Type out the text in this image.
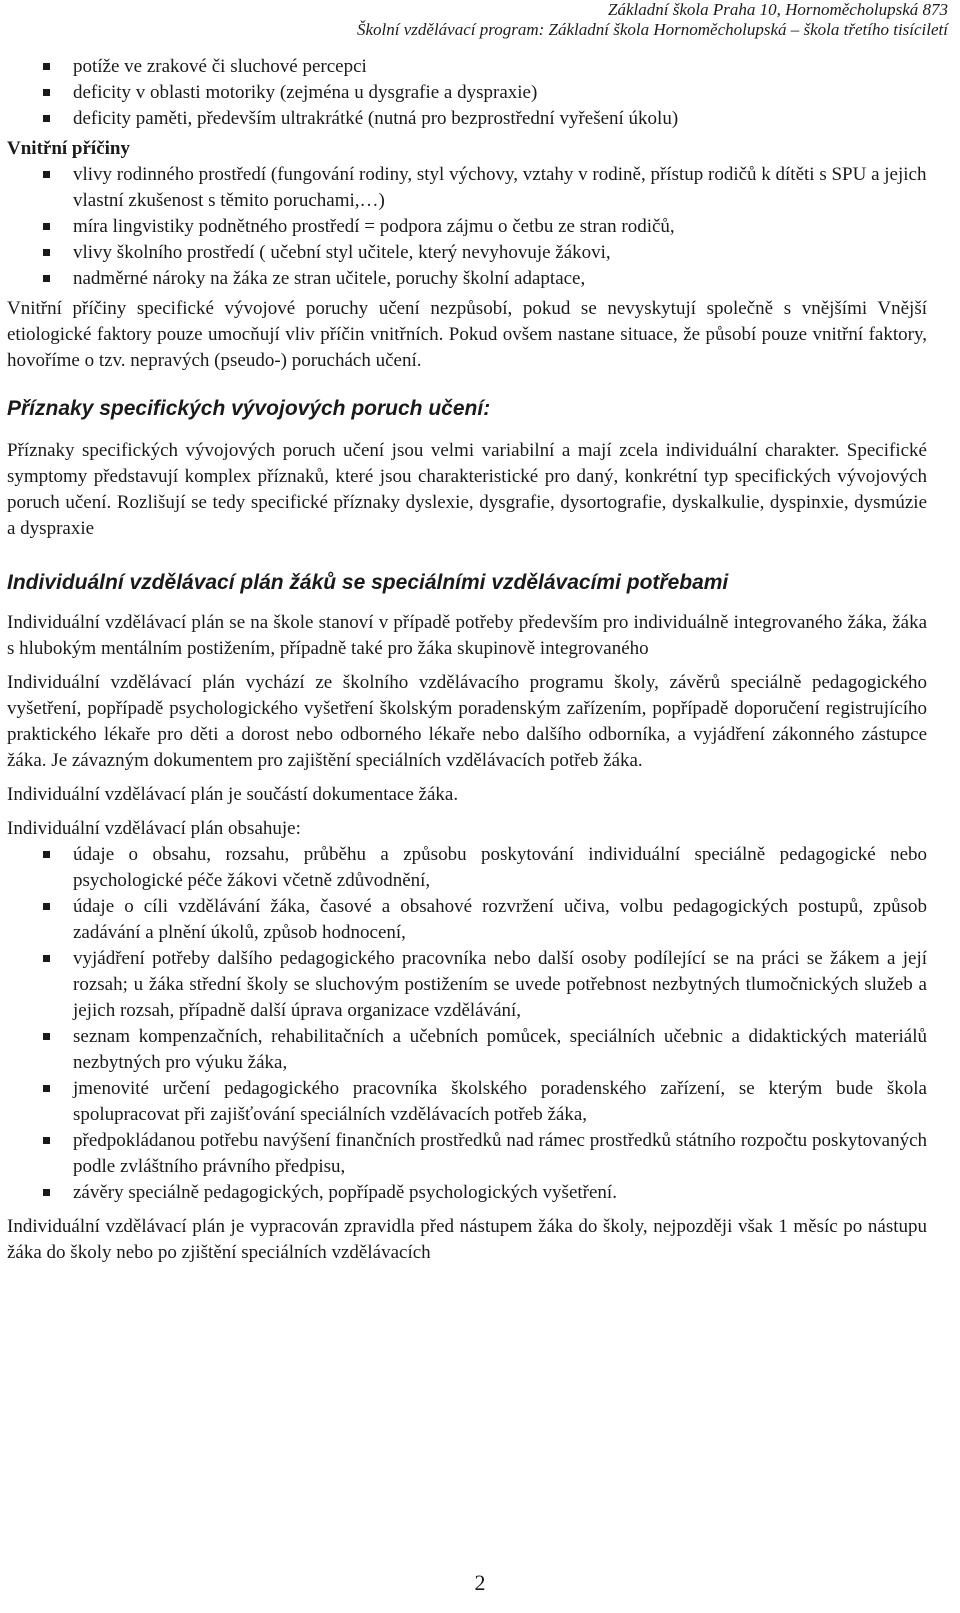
Základní škola Praha 10, Hornoměcholupská 873
Školní vzdělávací program: Základní škola Hornoměcholupská – škola třetího tisíciletí
potíže ve zrakové či sluchové percepci
deficity v oblasti motoriky (zejména u dysgrafie a dyspraxie)
deficity paměti, především ultrakrátké (nutná pro bezprostřední vyřešení úkolu)
Vnitřní příčiny
vlivy rodinného prostředí (fungování rodiny, styl výchovy, vztahy v rodině, přístup rodičů k dítěti s SPU a jejich vlastní zkušenost s těmito poruchami,…)
míra lingvistiky podnětného prostředí = podpora zájmu o četbu ze stran rodičů,
vlivy školního prostředí ( učební styl učitele, který nevyhovuje žákovi,
nadměrné nároky na žáka ze stran učitele, poruchy školní adaptace,

Vnitřní příčiny specifické vývojové poruchy učení nezpůsobí, pokud se nevyskytují společně s vnějšími Vnější etiologické faktory pouze umocňují vliv příčin vnitřních. Pokud ovšem nastane situace, že působí pouze vnitřní faktory, hovoříme o tzv. nepravých (pseudo-) poruchách učení.

Příznaky specifických vývojových poruch učení:

Příznaky specifických vývojových poruch učení jsou velmi variabilní a mají zcela individuální charakter. Specifické symptomy představují komplex příznaků, které jsou charakteristické pro daný, konkrétní typ specifických vývojových poruch učení. Rozlišují se tedy specifické příznaky dyslexie, dysgrafie, dysortografie, dyskalkulie, dyspinxie, dysmúzie a dyspraxie

Individuální vzdělávací plán žáků se speciálními vzdělávacími potřebami

Individuální vzdělávací plán se na škole stanoví v případě potřeby především pro individuálně integrovaného žáka, žáka s hlubokým mentálním postižením, případně také pro žáka skupinově integrovaného

Individuální vzdělávací plán vychází ze školního vzdělávacího programu školy, závěrů speciálně pedagogického vyšetření, popřípadě psychologického vyšetření školským poradenským zařízením, popřípadě doporučení registrujícího praktického lékaře pro děti a dorost nebo odborného lékaře nebo dalšího odborníka, a vyjádření zákonného zástupce žáka. Je závazným dokumentem pro zajištění speciálních vzdělávacích potřeb žáka.

Individuální vzdělávací plán je součástí dokumentace žáka.

Individuální vzdělávací plán obsahuje:

údaje o obsahu, rozsahu, průběhu a způsobu poskytování individuální speciálně pedagogické nebo psychologické péče žákovi včetně zdůvodnění,
údaje o cíli vzdělávání žáka, časové a obsahové rozvržení učiva, volbu pedagogických postupů, způsob zadávání a plnění úkolů, způsob hodnocení,
vyjádření potřeby dalšího pedagogického pracovníka nebo další osoby podílející se na práci se žákem a její rozsah; u žáka střední školy se sluchovým postižením se uvede potřebnost nezbytných tlumočnických služeb a jejich rozsah, případně další úprava organizace vzdělávání,
seznam kompenzačních, rehabilitačních a učebních pomůcek, speciálních učebnic a didaktických materiálů nezbytných pro výuku žáka,
jmenovité určení pedagogického pracovníka školského poradenského zařízení, se kterým bude škola spolupracovat při zajišťování speciálních vzdělávacích potřeb žáka,
předpokládanou potřebu navýšení finančních prostředků nad rámec prostředků státního rozpočtu poskytovaných podle zvláštního právního předpisu,
závěry speciálně pedagogických, popřípadě psychologických vyšetření.

Individuální vzdělávací plán je vypracován zpravidla před nástupem žáka do školy, nejpozději však 1 měsíc po nástupu žáka do školy nebo po zjištění speciálních vzdělávacích

2
